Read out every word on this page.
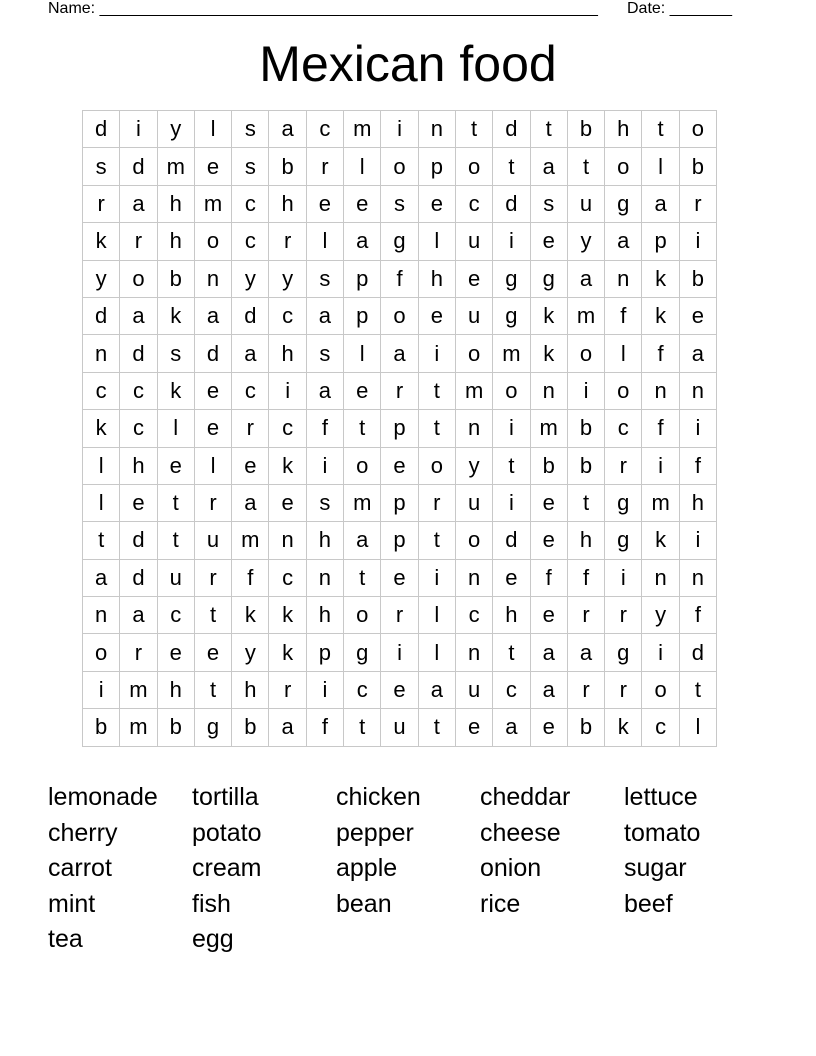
Name: ________________________________________________________ Date: _______
Mexican food
d	i	y	l	s	a	c	m	i	n	t	d	t	b	h	t	o
s	d	m	e	s	b	r	l	o	p	o	t	a	t	o	l	b
r	a	h	m	c	h	e	e	s	e	c	d	s	u	g	a	r
k	r	h	o	c	r	l	a	g	l	u	i	e	y	a	p	i
y	o	b	n	y	y	s	p	f	h	e	g	g	a	n	k	b
d	a	k	a	d	c	a	p	o	e	u	g	k	m	f	k	e
n	d	s	d	a	h	s	l	a	i	o	m	k	o	l	f	a
c	c	k	e	c	i	a	e	r	t	m	o	n	i	o	n	n
k	c	l	e	r	c	f	t	p	t	n	i	m	b	c	f	i
l	h	e	l	e	k	i	o	e	o	y	t	b	b	r	i	f
l	e	t	r	a	e	s	m	p	r	u	i	e	t	g	m	h
t	d	t	u	m	n	h	a	p	t	o	d	e	h	g	k	i
a	d	u	r	f	c	n	t	e	i	n	e	f	f	i	n	n
n	a	c	t	k	k	h	o	r	l	c	h	e	r	r	y	f
o	r	e	e	y	k	p	g	i	l	n	t	a	a	g	i	d
i	m	h	t	h	r	i	c	e	a	u	c	a	r	r	o	t
b	m	b	g	b	a	f	t	u	t	e	a	e	b	k	c	l
lemonade	tortilla	chicken	cheddar	lettuce
cherry	potato	pepper	cheese	tomato
carrot	cream	apple	onion	sugar
mint	fish	bean	rice	beef
tea	egg
